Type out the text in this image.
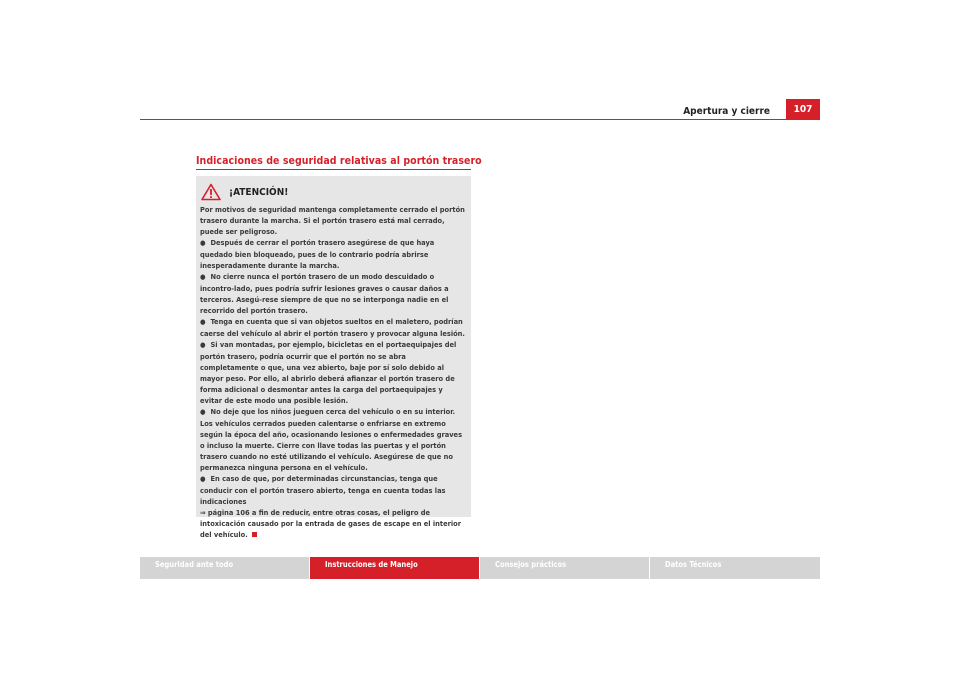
Apertura y cierre	107
Indicaciones de seguridad relativas al portón trasero
¡ATENCIÓN!

Por motivos de seguridad mantenga completamente cerrado el portón trasero durante la marcha. Si el portón trasero está mal cerrado, puede ser peligroso.

● Después de cerrar el portón trasero asegúrese de que haya quedado bien bloqueado, pues de lo contrario podría abrirse inesperadamente durante la marcha.

● No cierre nunca el portón trasero de un modo descuidado o incontro-lado, pues podría sufrir lesiones graves o causar daños a terceros. Asegú-rese siempre de que no se interponga nadie en el recorrido del portón trasero.

● Tenga en cuenta que si van objetos sueltos en el maletero, podrían caerse del vehículo al abrir el portón trasero y provocar alguna lesión.

● Si van montadas, por ejemplo, bicicletas en el portaequipajes del portón trasero, podría ocurrir que el portón no se abra completamente o que, una vez abierto, baje por sí solo debido al mayor peso. Por ello, al abrirlo deberá afianzar el portón trasero de forma adicional o desmontar antes la carga del portaequipajes y evitar de este modo una posible lesión.

● No deje que los niños jueguen cerca del vehículo o en su interior. Los vehículos cerrados pueden calentarse o enfriarse en extremo según la época del año, ocasionando lesiones o enfermedades graves o incluso la muerte. Cierre con llave todas las puertas y el portón trasero cuando no esté utilizando el vehículo. Asegúrese de que no permanezca ninguna persona en el vehículo.

● En caso de que, por determinadas circunstancias, tenga que conducir con el portón trasero abierto, tenga en cuenta todas las indicaciones
⇒ página 106 a fin de reducir, entre otras cosas, el peligro de intoxicación causado por la entrada de gases de escape en el interior del vehículo.

Seguridad ante todo	Instrucciones de Manejo	Consejos prácticos	Datos Técnicos
